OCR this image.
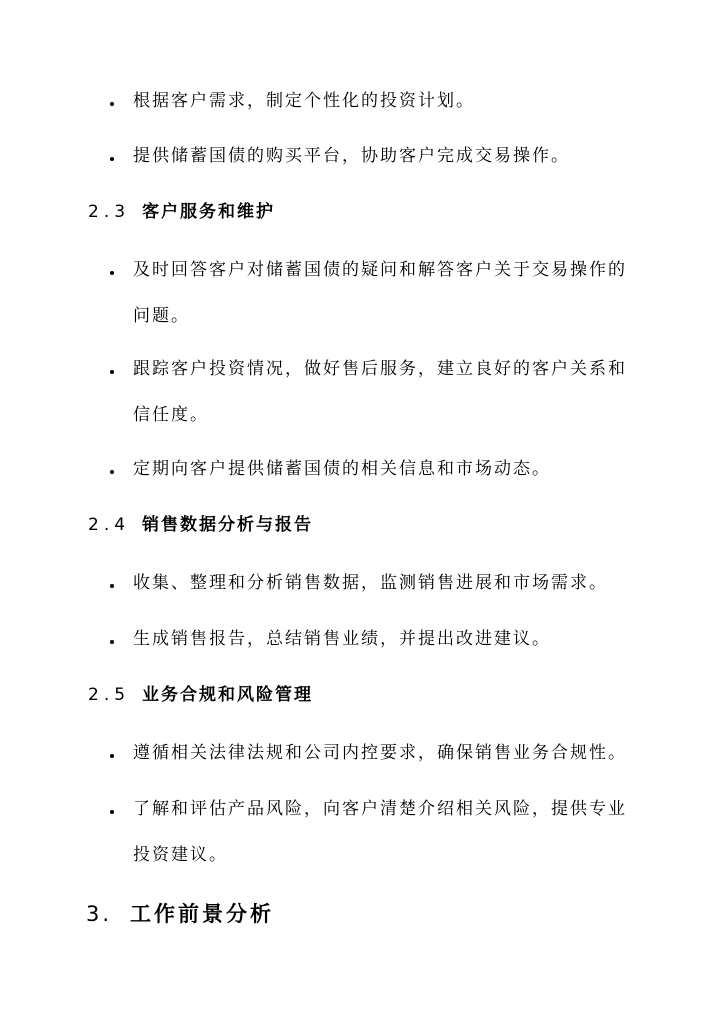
根据客户需求，制定个性化的投资计划。
提供储蓄国债的购买平台，协助客户完成交易操作。
2.3 客户服务和维护
及时回答客户对储蓄国债的疑问和解答客户关于交易操作的问题。
跟踪客户投资情况，做好售后服务，建立良好的客户关系和信任度。
定期向客户提供储蓄国债的相关信息和市场动态。
2.4 销售数据分析与报告
收集、整理和分析销售数据，监测销售进展和市场需求。
生成销售报告，总结销售业绩，并提出改进建议。
2.5 业务合规和风险管理
遵循相关法律法规和公司内控要求，确保销售业务合规性。
了解和评估产品风险，向客户清楚介绍相关风险，提供专业投资建议。
3. 工作前景分析
